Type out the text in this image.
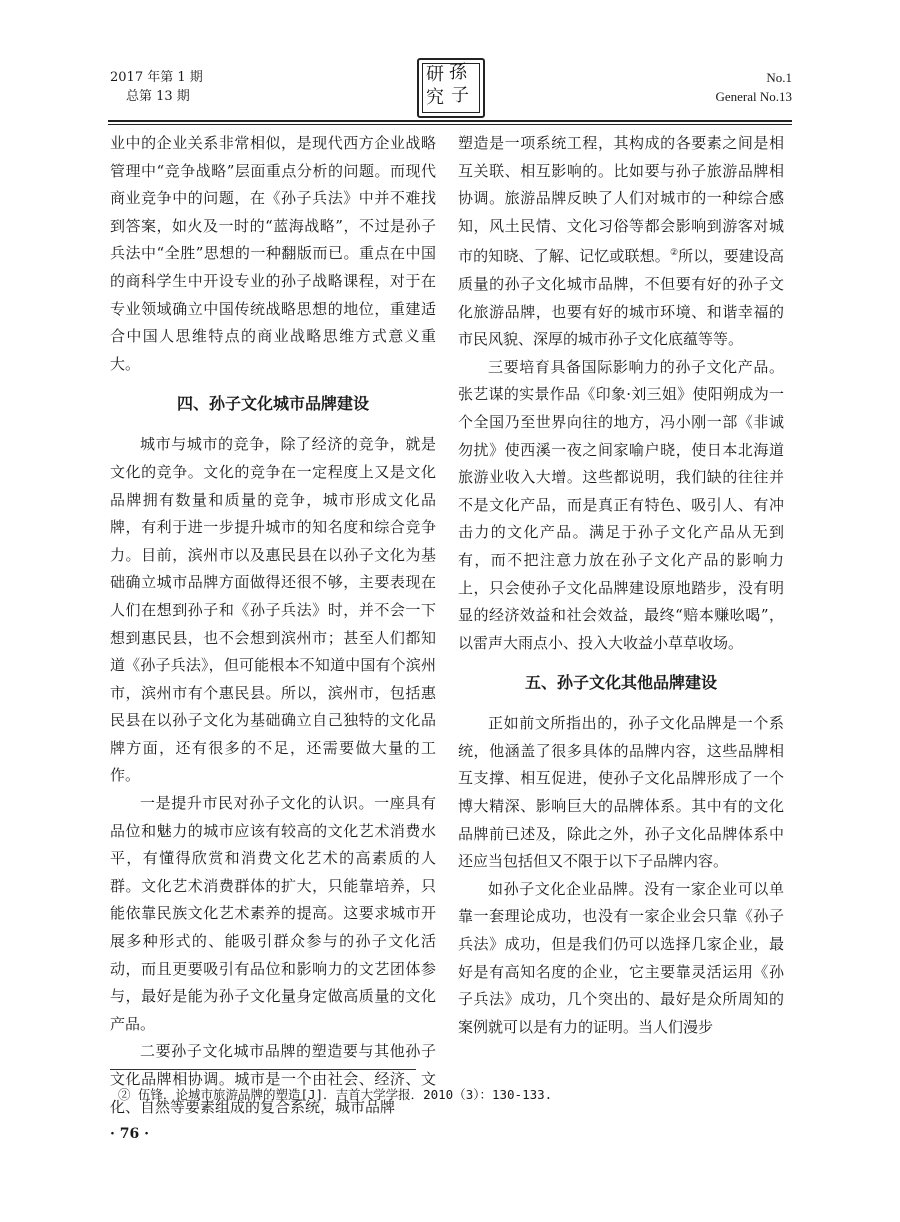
2017 年第 1 期
总第 13 期
孫
子
研
究
No.1
General No.13

业中的企业关系非常相似，是现代西方企业战略管理中“竞争战略”层面重点分析的问题。而现代商业竞争中的问题，在《孙子兵法》中并不难找到答案，如火及一时的“蓝海战略”，不过是孙子兵法中“全胜”思想的一种翻版而已。重点在中国的商科学生中开设专业的孙子战略课程，对于在专业领域确立中国传统战略思想的地位，重建适合中国人思维特点的商业战略思维方式意义重大。

四、孙子文化城市品牌建设

城市与城市的竞争，除了经济的竞争，就是文化的竞争。文化的竞争在一定程度上又是文化品牌拥有数量和质量的竞争，城市形成文化品牌，有利于进一步提升城市的知名度和综合竞争力。目前，滨州市以及惠民县在以孙子文化为基础确立城市品牌方面做得还很不够，主要表现在人们在想到孙子和《孙子兵法》时，并不会一下想到惠民县，也不会想到滨州市；甚至人们都知道《孙子兵法》，但可能根本不知道中国有个滨州市，滨州市有个惠民县。所以，滨州市，包括惠民县在以孙子文化为基础确立自己独特的文化品牌方面，还有很多的不足，还需要做大量的工作。

一是提升市民对孙子文化的认识。一座具有品位和魅力的城市应该有较高的文化艺术消费水平，有懂得欣赏和消费文化艺术的高素质的人群。文化艺术消费群体的扩大，只能靠培养，只能依靠民族文化艺术素养的提高。这要求城市开展多种形式的、能吸引群众参与的孙子文化活动，而且更要吸引有品位和影响力的文艺团体参与，最好是能为孙子文化量身定做高质量的文化产品。

二要孙子文化城市品牌的塑造要与其他孙子文化品牌相协调。城市是一个由社会、经济、文化、自然等要素组成的复合系统，城市品牌

塑造是一项系统工程，其构成的各要素之间是相互关联、相互影响的。比如要与孙子旅游品牌相协调。旅游品牌反映了人们对城市的一种综合感知，风土民情、文化习俗等都会影响到游客对城市的知晓、了解、记忆或联想。②所以，要建设高质量的孙子文化城市品牌，不但要有好的孙子文化旅游品牌，也要有好的城市环境、和谐幸福的市民风貌、深厚的城市孙子文化底蕴等等。

三要培育具备国际影响力的孙子文化产品。张艺谋的实景作品《印象·刘三姐》使阳朔成为一个全国乃至世界向往的地方，冯小刚一部《非诚勿扰》使西溪一夜之间家喻户晓，使日本北海道旅游业收入大增。这些都说明，我们缺的往往并不是文化产品，而是真正有特色、吸引人、有冲击力的文化产品。满足于孙子文化产品从无到有，而不把注意力放在孙子文化产品的影响力上，只会使孙子文化品牌建设原地踏步，没有明显的经济效益和社会效益，最终“赔本赚吆喝”，以雷声大雨点小、投入大收益小草草收场。

五、孙子文化其他品牌建设

正如前文所指出的，孙子文化品牌是一个系统，他涵盖了很多具体的品牌内容，这些品牌相互支撑、相互促进，使孙子文化品牌形成了一个博大精深、影响巨大的品牌体系。其中有的文化品牌前已述及，除此之外，孙子文化品牌体系中还应当包括但又不限于以下子品牌内容。

如孙子文化企业品牌。没有一家企业可以单靠一套理论成功，也没有一家企业会只靠《孙子兵法》成功，但是我们仍可以选择几家企业，最好是有高知名度的企业，它主要靠灵活运用《孙子兵法》成功，几个突出的、最好是众所周知的案例就可以是有力的证明。当人们漫步

② 伍锋．论城市旅游品牌的塑造[J]．吉首大学学报．2010（3）：130-133.
· 76 ·
